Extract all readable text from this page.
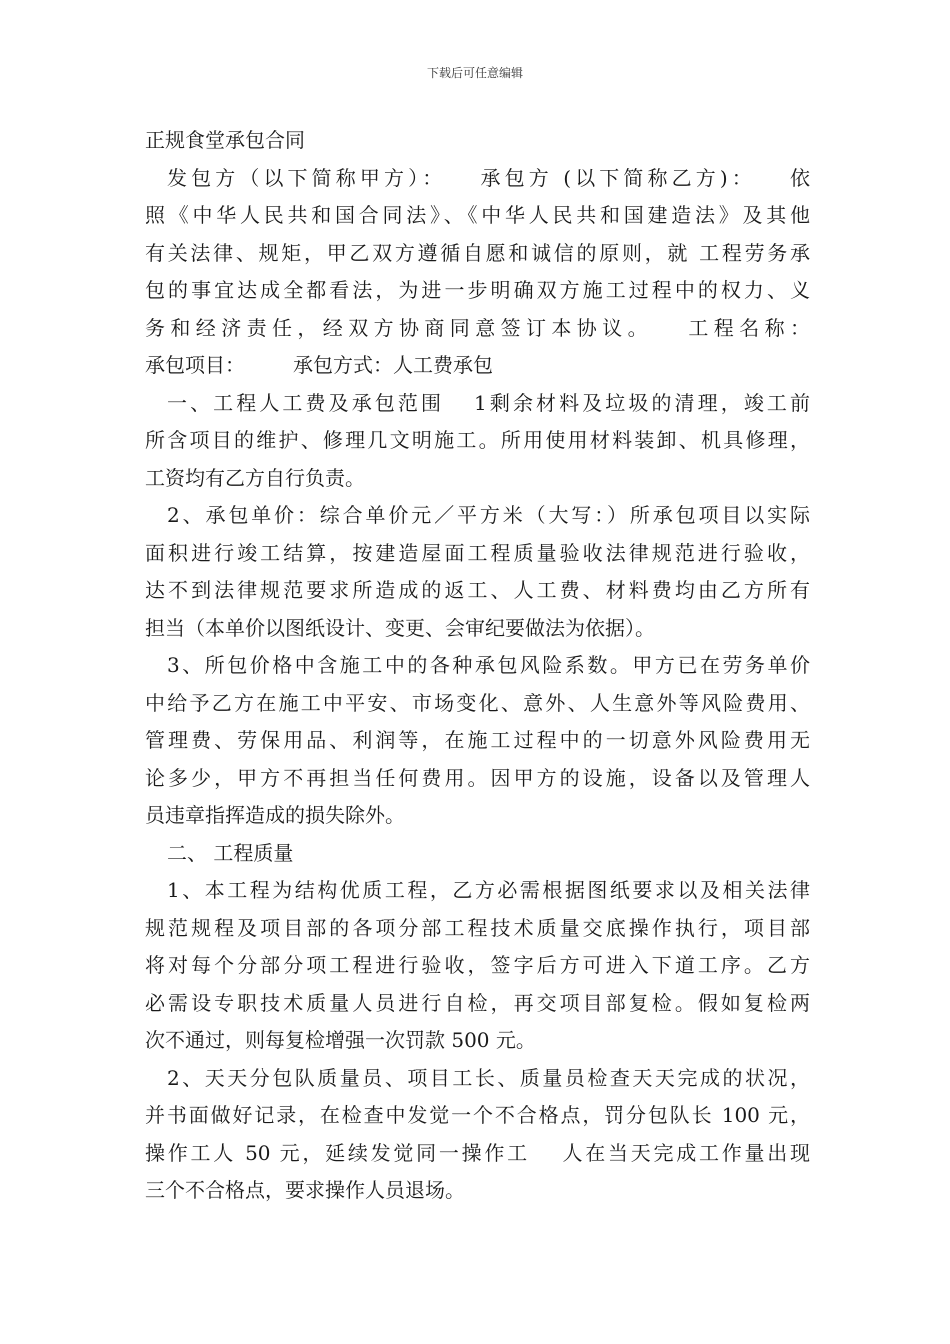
下载后可任意编辑
正规食堂承包合同
发包方（以下简称甲方）： 承包方 (以下简称乙方)： 依
照《中华人民共和国合同法》、《中华人民共和国建造法》及其他
有关法律、规矩，甲乙双方遵循自愿和诚信的原则，就 工程劳务承
包的事宜达成全都看法，为进一步明确双方施工过程中的权力、义
务和经济责任，经双方协商同意签订本协议。 工程名称：
承包项目： 承包方式：人工费承包
一、工程人工费及承包范围 1剩余材料及垃圾的清理，竣工前
所含项目的维护、修理几文明施工。所用使用材料装卸、机具修理，
工资均有乙方自行负责。
2、承包单价：综合单价元／平方米（大写：）所承包项目以实际
面积进行竣工结算，按建造屋面工程质量验收法律规范进行验收，
达不到法律规范要求所造成的返工、人工费、材料费均由乙方所有
担当（本单价以图纸设计、变更、会审纪要做法为依据）。
3、所包价格中含施工中的各种承包风险系数。甲方已在劳务单价
中给予乙方在施工中平安、市场变化、意外、人生意外等风险费用、
管理费、劳保用品、利润等，在施工过程中的一切意外风险费用无
论多少，甲方不再担当任何费用。因甲方的设施，设备以及管理人
员违章指挥造成的损失除外。
二、 工程质量
1、本工程为结构优质工程，乙方必需根据图纸要求以及相关法律
规范规程及项目部的各项分部工程技术质量交底操作执行，项目部
将对每个分部分项工程进行验收，签字后方可进入下道工序。乙方
必需设专职技术质量人员进行自检，再交项目部复检。假如复检两
次不通过，则每复检增强一次罚款 500 元。
2、天天分包队质量员、项目工长、质量员检查天天完成的状况，
并书面做好记录，在检查中发觉一个不合格点，罚分包队长 100 元，
操作工人 50 元，延续发觉同一操作工 人在当天完成工作量出现
三个不合格点，要求操作人员退场。
